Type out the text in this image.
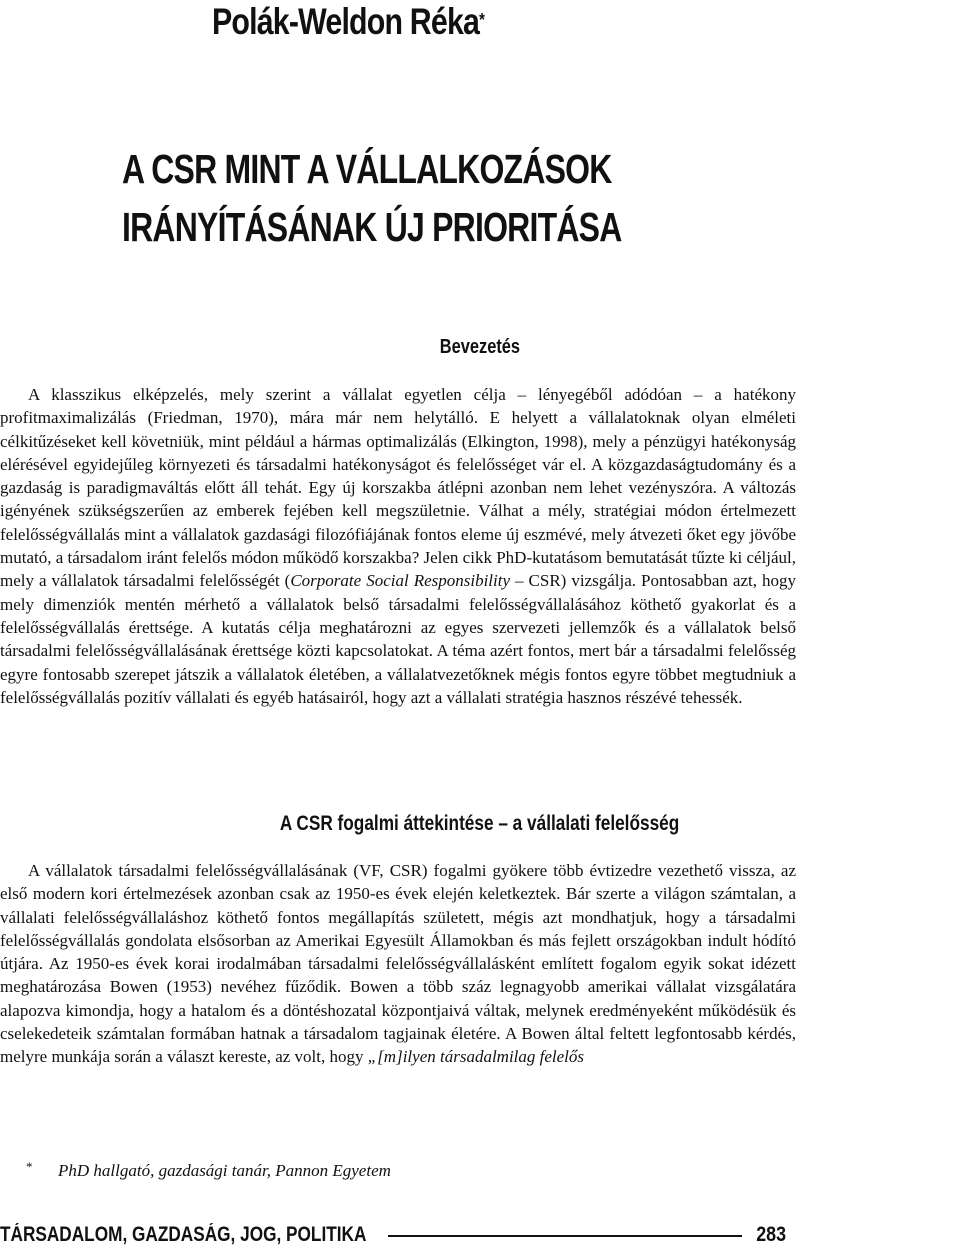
Polák-Weldon Réka*
A CSR MINT A VÁLLALKOZÁSOK
IRÁNYÍTÁSÁNAK ÚJ PRIORITÁSA
Bevezetés

A klasszikus elképzelés, mely szerint a vállalat egyetlen célja – lényegéből adódóan – a hatékony profitmaximalizálás (Friedman, 1970), mára már nem helytálló. E helyett a vállalatoknak olyan elméleti célkitűzéseket kell követniük, mint például a hármas optimalizálás (Elkington, 1998), mely a pénzügyi hatékonyság elérésével egyidejűleg környezeti és társadalmi hatékonyságot és felelősséget vár el. A közgazdaságtudomány és a gazdaság is paradigmaváltás előtt áll tehát. Egy új korszakba átlépni azonban nem lehet vezényszóra. A változás igényének szükségszerűen az emberek fejében kell megszületnie. Válhat a mély, stratégiai módon értelmezett felelősségvállalás mint a vállalatok gazdasági filozófiájának fontos eleme új eszmévé, mely átvezeti őket egy jövőbe mutató, a társadalom iránt felelős módon működő korszakba? Jelen cikk PhD-kutatásom bemutatását tűzte ki céljául, mely a vállalatok társadalmi felelősségét (Corporate Social Responsibility – CSR) vizsgálja. Pontosabban azt, hogy mely dimenziók mentén mérhető a vállalatok belső társadalmi felelősségvállalásához köthető gyakorlat és a felelősségvállalás érettsége. A kutatás célja meghatározni az egyes szervezeti jellemzők és a vállalatok belső társadalmi felelősségvállalásának érettsége közti kapcsolatokat. A téma azért fontos, mert bár a társadalmi felelősség egyre fontosabb szerepet játszik a vállalatok életében, a vállalatvezetőknek mégis fontos egyre többet megtudniuk a felelősségvállalás pozitív vállalati és egyéb hatásairól, hogy azt a vállalati stratégia hasznos részévé tehessék.

A CSR fogalmi áttekintése – a vállalati felelősség

A vállalatok társadalmi felelősségvállalásának (VF, CSR) fogalmi gyökere több évtizedre vezethető vissza, az első modern kori értelmezések azonban csak az 1950-es évek elején keletkeztek. Bár szerte a világon számtalan, a vállalati felelősségvállaláshoz köthető fontos megállapítás született, mégis azt mondhatjuk, hogy a társadalmi felelősségvállalás gondolata elsősorban az Amerikai Egyesült Államokban és más fejlett országokban indult hódító útjára. Az 1950-es évek korai irodalmában társadalmi felelősségvállalásként említett fogalom egyik sokat idézett meghatározása Bowen (1953) nevéhez fűződik. Bowen a több száz legnagyobb amerikai vállalat vizsgálatára alapozva kimondja, hogy a hatalom és a döntéshozatal központjaivá váltak, melynek eredményeként működésük és cselekedeteik számtalan formában hatnak a társadalom tagjainak életére. A Bowen által feltett legfontosabb kérdés, melyre munkája során a választ kereste, az volt, hogy „[m]ilyen társadalmilag felelős

* PhD hallgató, gazdasági tanár, Pannon Egyetem
TÁRSADALOM, GAZDASÁG, JOG, POLITIKA	283
